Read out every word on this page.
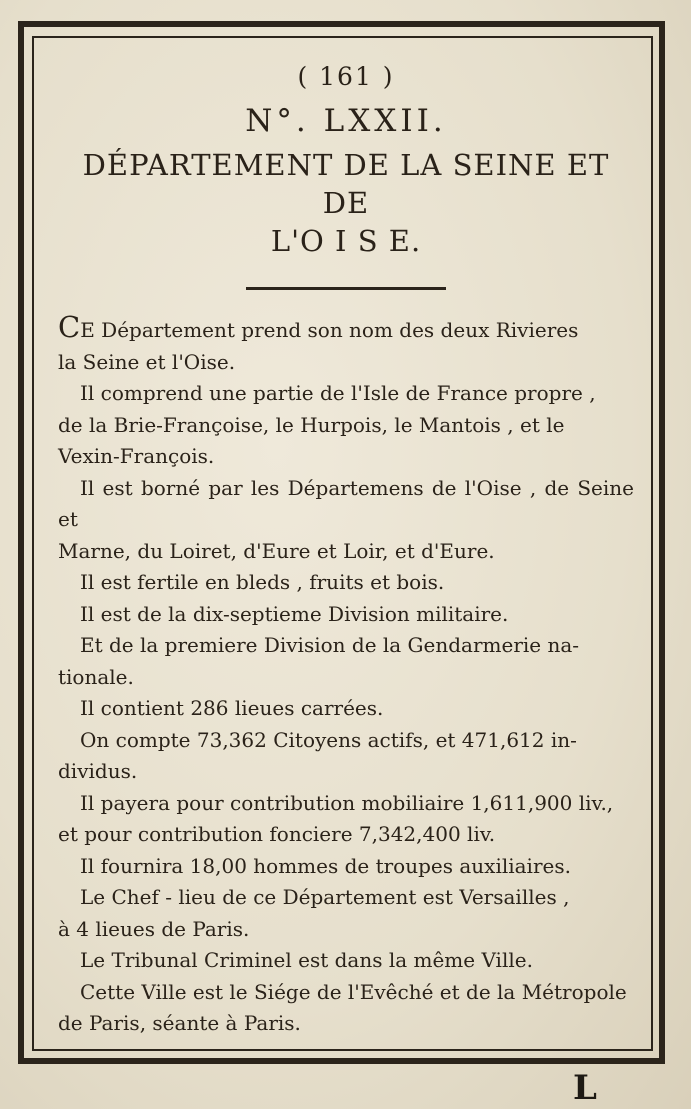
( 161 )
N°. LXXII.
DÉPARTEMENT DE LA SEINE ET DE
L'O I S E.

CE Département prend son nom des deux Rivieres
la Seine et l'Oise.

Il comprend une partie de l'Isle de France propre ,
de la Brie-Françoise, le Hurpois, le Mantois , et le
Vexin-François.

Il est borné par les Départemens de l'Oise , de Seine et
Marne, du Loiret, d'Eure et Loir, et d'Eure.

Il est fertile en bleds , fruits et bois.

Il est de la dix-septieme Division militaire.

Et de la premiere Division de la Gendarmerie na-
tionale.

Il contient 286 lieues carrées.

On compte 73,362 Citoyens actifs, et 471,612 in-
dividus.

Il payera pour contribution mobiliaire 1,611,900 liv.,
et pour contribution fonciere 7,342,400 liv.

Il fournira 18,00 hommes de troupes auxiliaires.

Le Chef - lieu de ce Département est Versailles ,
à 4 lieues de Paris.

Le Tribunal Criminel est dans la même Ville.

Cette Ville est le Siége de l'Evêché et de la Métropole
de Paris, séante à Paris.

L
